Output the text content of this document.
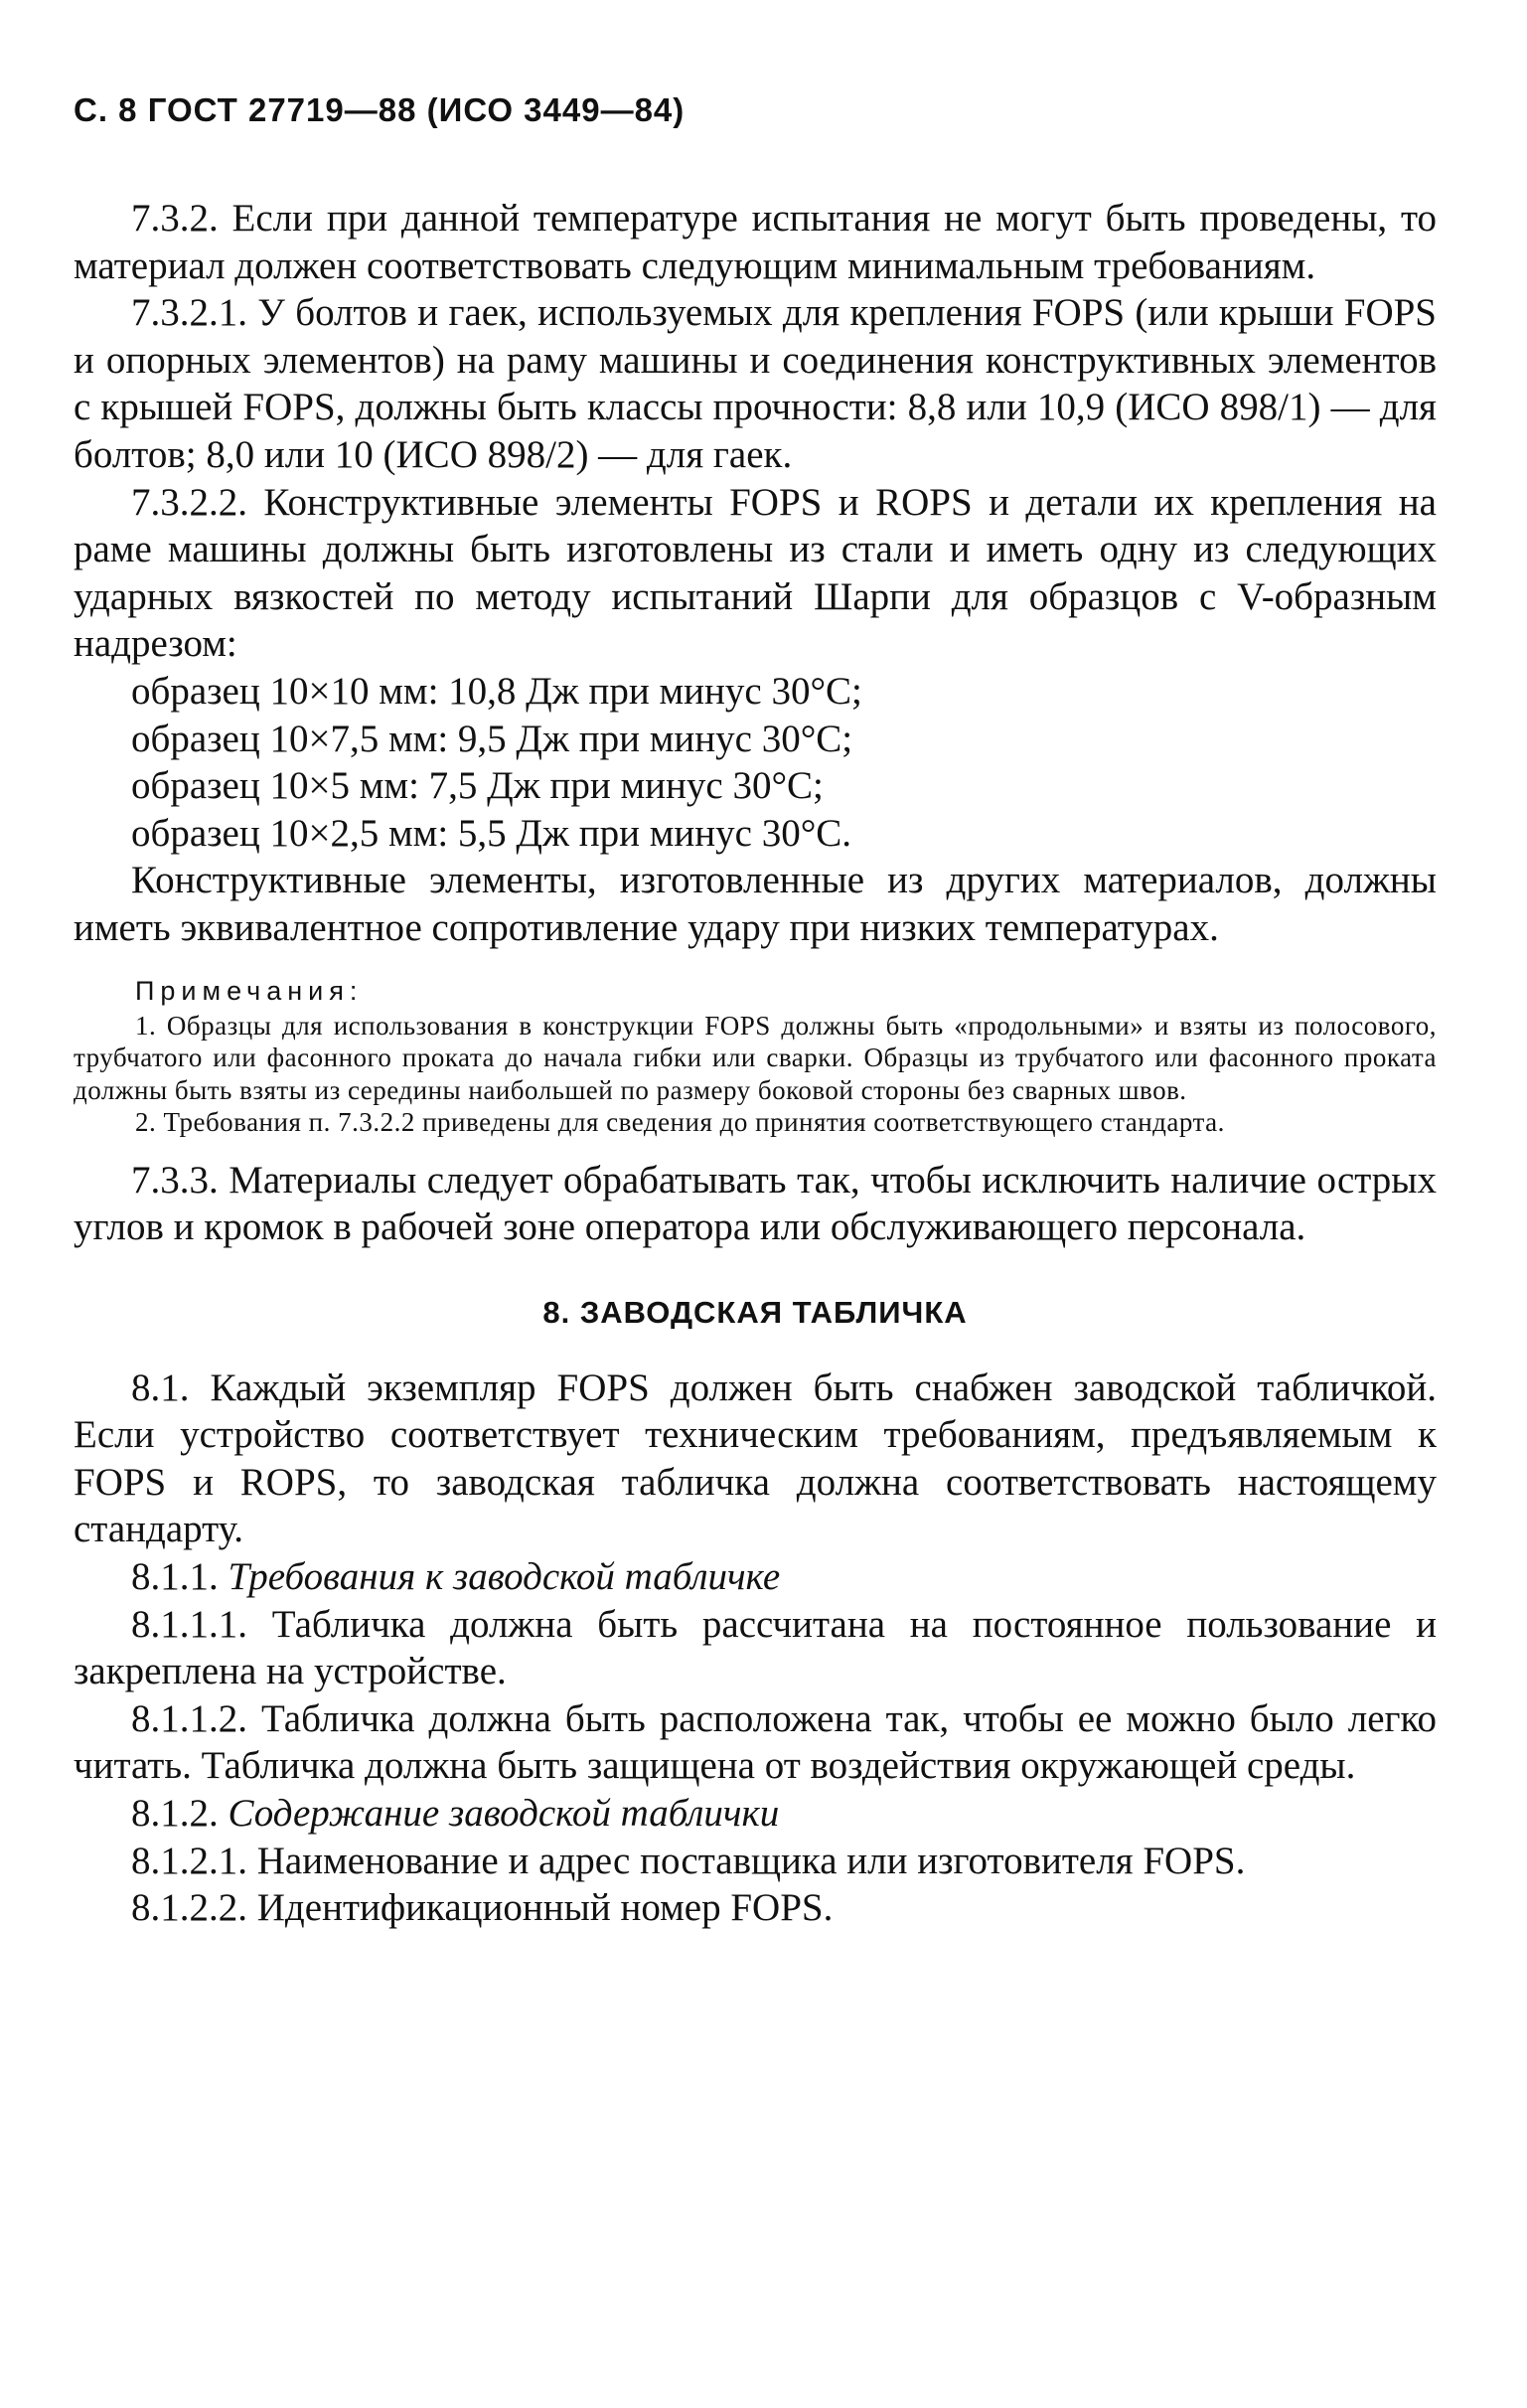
С. 8 ГОСТ 27719—88 (ИСО 3449—84)

7.3.2. Если при данной температуре испытания не могут быть проведены, то материал должен соответствовать следующим минимальным требованиям.

7.3.2.1. У болтов и гаек, используемых для крепления FOPS (или крыши FOPS и опорных элементов) на раму машины и соединения конструктивных элементов с крышей FOPS, должны быть классы прочности: 8,8 или 10,9 (ИСО 898/1) — для болтов; 8,0 или 10 (ИСО 898/2) — для гаек.

7.3.2.2. Конструктивные элементы FOPS и ROPS и детали их крепления на раме машины должны быть изготовлены из стали и иметь одну из следующих ударных вязкостей по методу испытаний Шарпи для образцов с V-образным надрезом:

образец 10×10 мм: 10,8 Дж при минус 30°С;

образец 10×7,5 мм: 9,5 Дж при минус 30°С;

образец 10×5 мм: 7,5 Дж при минус 30°С;

образец 10×2,5 мм: 5,5 Дж при минус 30°С.

Конструктивные элементы, изготовленные из других материалов, должны иметь эквивалентное сопротивление удару при низких температурах.

Примечания:

1. Образцы для использования в конструкции FOPS должны быть «продольными» и взяты из полосового, трубчатого или фасонного проката до начала гибки или сварки. Образцы из трубчатого или фасонного проката должны быть взяты из середины наибольшей по размеру боковой стороны без сварных швов.

2. Требования п. 7.3.2.2 приведены для сведения до принятия соответствующего стандарта.

7.3.3. Материалы следует обрабатывать так, чтобы исключить наличие острых углов и кромок в рабочей зоне оператора или обслуживающего персонала.

8. ЗАВОДСКАЯ ТАБЛИЧКА

8.1. Каждый экземпляр FOPS должен быть снабжен заводской табличкой. Если устройство соответствует техническим требованиям, предъявляемым к FOPS и ROPS, то заводская табличка должна соответствовать настоящему стандарту.

8.1.1. Требования к заводской табличке

8.1.1.1. Табличка должна быть рассчитана на постоянное пользование и закреплена на устройстве.

8.1.1.2. Табличка должна быть расположена так, чтобы ее можно было легко читать. Табличка должна быть защищена от воздействия окружающей среды.

8.1.2. Содержание заводской таблички

8.1.2.1. Наименование и адрес поставщика или изготовителя FOPS.

8.1.2.2. Идентификационный номер FOPS.
